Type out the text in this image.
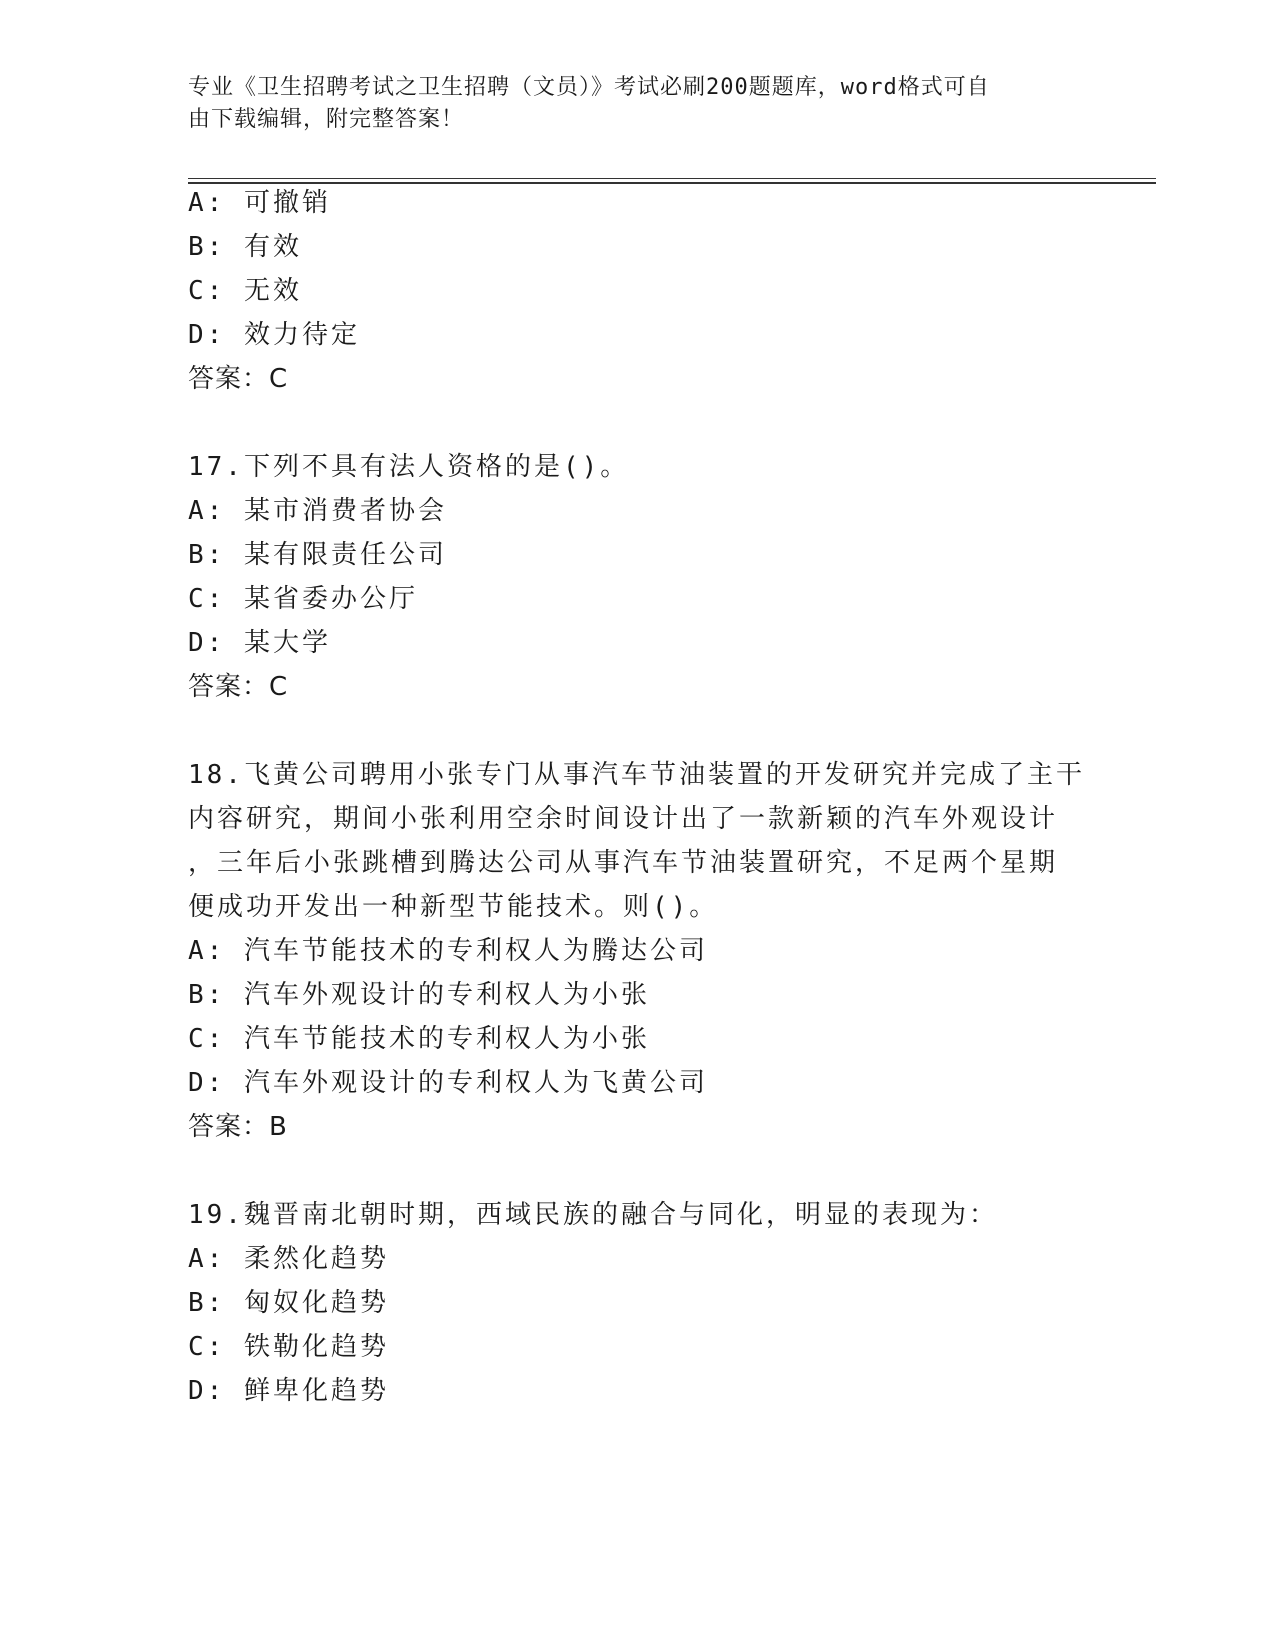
专业《卫生招聘考试之卫生招聘（文员）》考试必刷200题题库，word格式可自
由下载编辑，附完整答案！
A: 可撤销
B: 有效
C: 无效
D: 效力待定
答案：C
17.下列不具有法人资格的是()。
A: 某市消费者协会
B: 某有限责任公司
C: 某省委办公厅
D: 某大学
答案：C
18.飞黄公司聘用小张专门从事汽车节油装置的开发研究并完成了主干
内容研究，期间小张利用空余时间设计出了一款新颖的汽车外观设计
，三年后小张跳槽到腾达公司从事汽车节油装置研究，不足两个星期
便成功开发出一种新型节能技术。则()。
A: 汽车节能技术的专利权人为腾达公司
B: 汽车外观设计的专利权人为小张
C: 汽车节能技术的专利权人为小张
D: 汽车外观设计的专利权人为飞黄公司
答案：B
19.魏晋南北朝时期，西域民族的融合与同化，明显的表现为：
A: 柔然化趋势
B: 匈奴化趋势
C: 铁勒化趋势
D: 鲜卑化趋势
